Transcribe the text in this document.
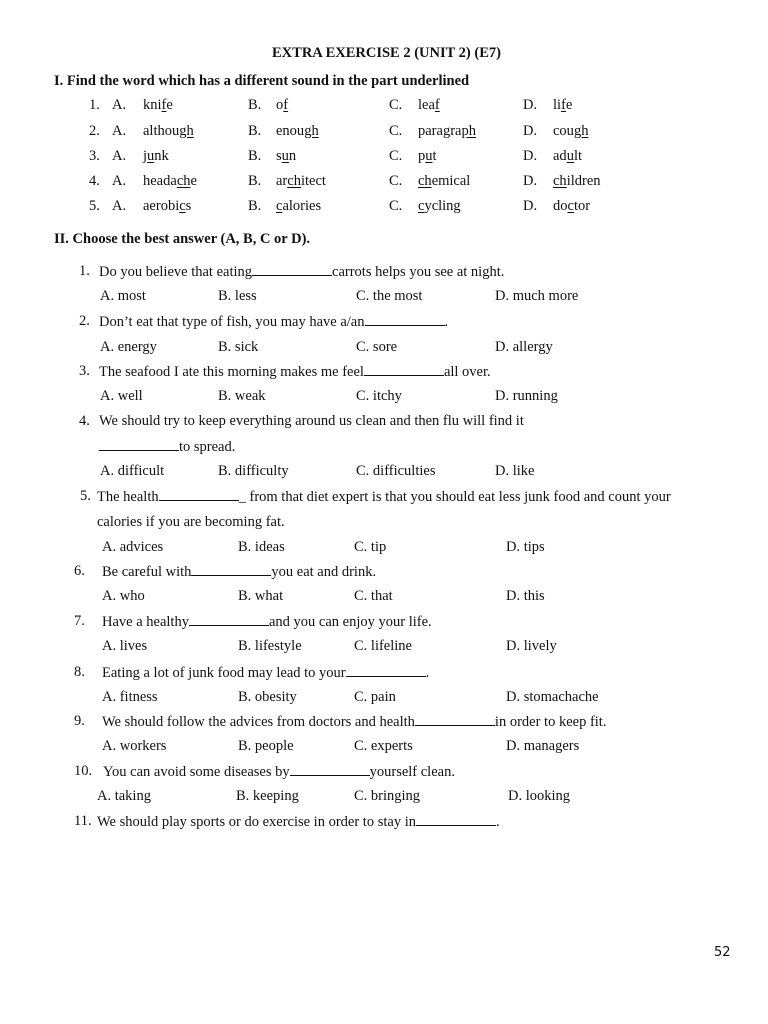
EXTRA EXERCISE 2 (UNIT 2) (E7)
I. Find the word which has a different sound in the part underlined
1. A. knife	B. of	C. leaf	D. life
2. A. although	B. enough	C. paragraph	D. cough
3. A. junk	B. sun	C. put	D. adult
4. A. headache	B. architect	C. chemical	D. children
5. A. aerobics	B. calories	C. cycling	D. doctor
II. Choose the best answer (A, B, C or D).
1. Do you believe that eating	carrots helps you see at night.
A. most	B. less	C. the most	D. much more
2. Don’t eat that type of fish, you may have a/an	.
A. energy	B. sick	C. sore	D. allergy
3. The seafood I ate this morning makes me feel	all over.
A. well	B. weak	C. itchy	D. running
4. We should try to keep everything around us clean and then flu will find it
to spread.
A. difficult	B. difficulty	C. difficulties	D. like
5. The health	_ from that diet expert is that you should eat less junk food and count your
calories if you are becoming fat.
A. advices	B. ideas	C. tip	D. tips
6. Be careful with	you eat and drink.
A. who	B. what	C. that	D. this
7. Have a healthy	and you can enjoy your life.
A. lives	B. lifestyle	C. lifeline	D. lively
8. Eating a lot of junk food may lead to your	.
A. fitness	B. obesity	C. pain	D. stomachache
9. We should follow the advices from doctors and health	in order to keep fit.
A. workers	B. people	C. experts	D. managers
10. You can avoid some diseases by	yourself clean.
A. taking	B. keeping	C. bringing	D. looking
11. We should play sports or do exercise in order to stay in	.
52
